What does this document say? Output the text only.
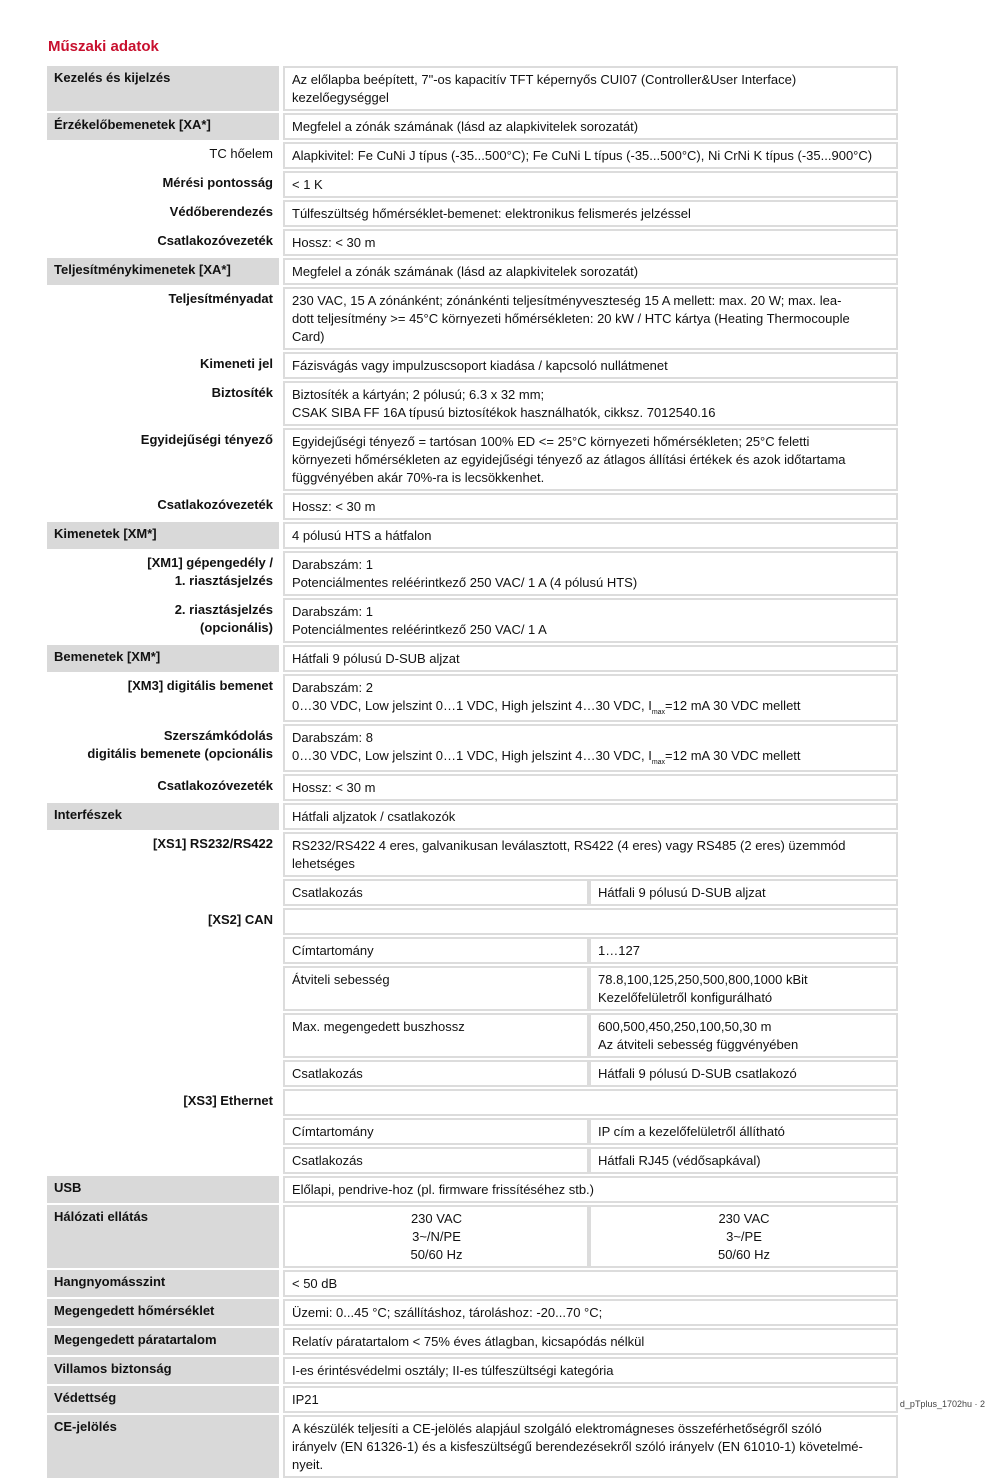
Műszaki adatok
Kezelés és kijelzés		Az előlapba beépített, 7"-os kapacitív TFT képernyős CUI07 (Controller&User Interface)
kezelőegységgel	
Érzékelőbemenetek [XA*]		Megfelel a zónák számának (lásd az alapkivitelek sorozatát)	
TC hőelem		Alapkivitel: Fe CuNi J típus (-35...500°C); Fe CuNi L típus (-35...500°C), Ni CrNi K típus (-35...900°C)	
Mérési pontosság		< 1 K	
Védőberendezés		Túlfeszültség hőmérséklet-bemenet: elektronikus felismerés jelzéssel	
Csatlakozóvezeték		Hossz: < 30 m	
Teljesítménykimenetek [XA*]		Megfelel a zónák számának (lásd az alapkivitelek sorozatát)	
Teljesítményadat		230 VAC, 15 A zónánként; zónánkénti teljesítményveszteség 15 A mellett: max. 20 W; max. lea-
dott teljesítmény >= 45°C környezeti hőmérsékleten: 20 kW / HTC kártya (Heating Thermocouple
Card)	
Kimeneti jel		Fázisvágás vagy impulzuscsoport kiadása / kapcsoló nullátmenet	
Biztosíték		Biztosíték a kártyán; 2 pólusú; 6.3 x 32 mm;
CSAK SIBA FF 16A típusú biztosítékok használhatók, cikksz. 7012540.16	
Egyidejűségi tényező		Egyidejűségi tényező = tartósan 100% ED <= 25°C környezeti hőmérsékleten; 25°C feletti
környezeti hőmérsékleten az egyidejűségi tényező az átlagos állítási értékek és azok időtartama
függvényében akár 70%-ra is lecsökkenhet.	
Csatlakozóvezeték		Hossz: < 30 m	
Kimenetek [XM*]		4 pólusú HTS a hátfalon	
[XM1] gépengedély /
1. riasztásjelzés		Darabszám: 1
Potenciálmentes reléérintkező 250 VAC/ 1 A (4 pólusú HTS)	
2. riasztásjelzés
(opcionális)		Darabszám: 1
Potenciálmentes reléérintkező 250 VAC/ 1 A	
Bemenetek [XM*]		Hátfali 9 pólusú D-SUB aljzat	
[XM3] digitális bemenet		Darabszám: 2
0…30 VDC, Low jelszint 0…1 VDC, High jelszint 4…30 VDC, $I_{max}=12$ mA 30 VDC mellett	
Szerszámkódolás
digitális bemenete (opcionális		Darabszám: 8
0…30 VDC, Low jelszint 0…1 VDC, High jelszint 4…30 VDC, $I_{max}=12$ mA 30 VDC mellett	
Csatlakozóvezeték		Hossz: < 30 m	
Interfészek		Hátfali aljzatok / csatlakozók	
[XS1] RS232/RS422		RS232/RS422 4 eres, galvanikusan leválasztott, RS422 (4 eres) vagy RS485 (2 eres) üzemmód
lehetséges	
		Csatlakozás	Hátfali 9 pólusú D-SUB aljzat
[XS2] CAN			
		Címtartomány	1…127
		Átviteli sebesség	78.8,100,125,250,500,800,1000 kBit
Kezelőfelületről konfigurálható
		Max. megengedett buszhossz	600,500,450,250,100,50,30 m
Az átviteli sebesség függvényében
		Csatlakozás	Hátfali 9 pólusú D-SUB csatlakozó
[XS3] Ethernet			
		Címtartomány	IP cím a kezelőfelületről állítható
		Csatlakozás	Hátfali RJ45 (védősapkával)
USB		Előlapi, pendrive-hoz (pl. firmware frissítéséhez stb.)	
Hálózati ellátás		230 VAC
3~/N/PE
50/60 Hz	230 VAC
3~/PE
50/60 Hz
Hangnyomásszint		< 50 dB	
Megengedett hőmérséklet		Üzemi: 0...45 °C; szállításhoz, tároláshoz: -20...70 °C;	
Megengedett páratartalom		Relatív páratartalom < 75% éves átlagban, kicsapódás nélkül	
Villamos biztonság		I-es érintésvédelmi osztály; II-es túlfeszültségi kategória	
Védettség		IP21	
CE-jelölés		A készülék teljesíti a CE-jelölés alapjául szolgáló elektromágneses összeférhetőségről szóló
irányelv (EN 61326-1) és a kisfeszültségű berendezésekről szóló irányelv (EN 61010-1) követelmé-
nyeit.	
d_pTplus_1702hu · 2
